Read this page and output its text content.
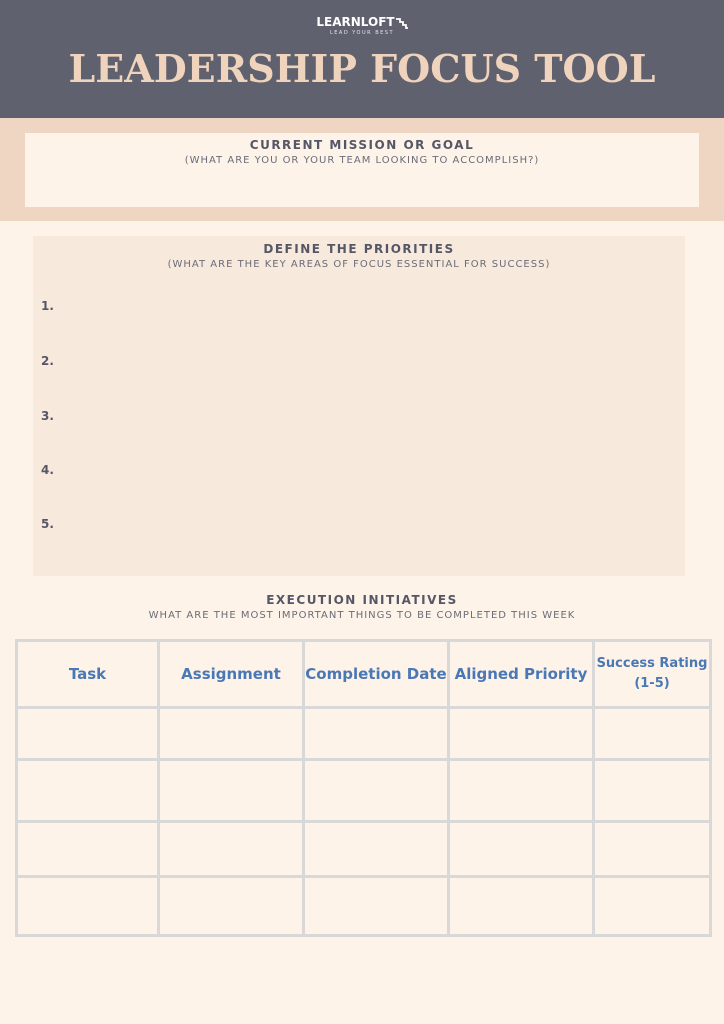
LEARNLOFT
LEAD YOUR BEST
LEADERSHIP FOCUS TOOL
CURRENT MISSION OR GOAL
(WHAT ARE YOU OR YOUR TEAM LOOKING TO ACCOMPLISH?)
DEFINE THE PRIORITIES
(WHAT ARE THE KEY AREAS OF FOCUS ESSENTIAL FOR SUCCESS)
1.
2.
3.
4.
5.
EXECUTION INITIATIVES
WHAT ARE THE MOST IMPORTANT THINGS TO BE COMPLETED THIS WEEK
Task	Assignment	Completion Date	Aligned Priority	Success Rating (1-5)
